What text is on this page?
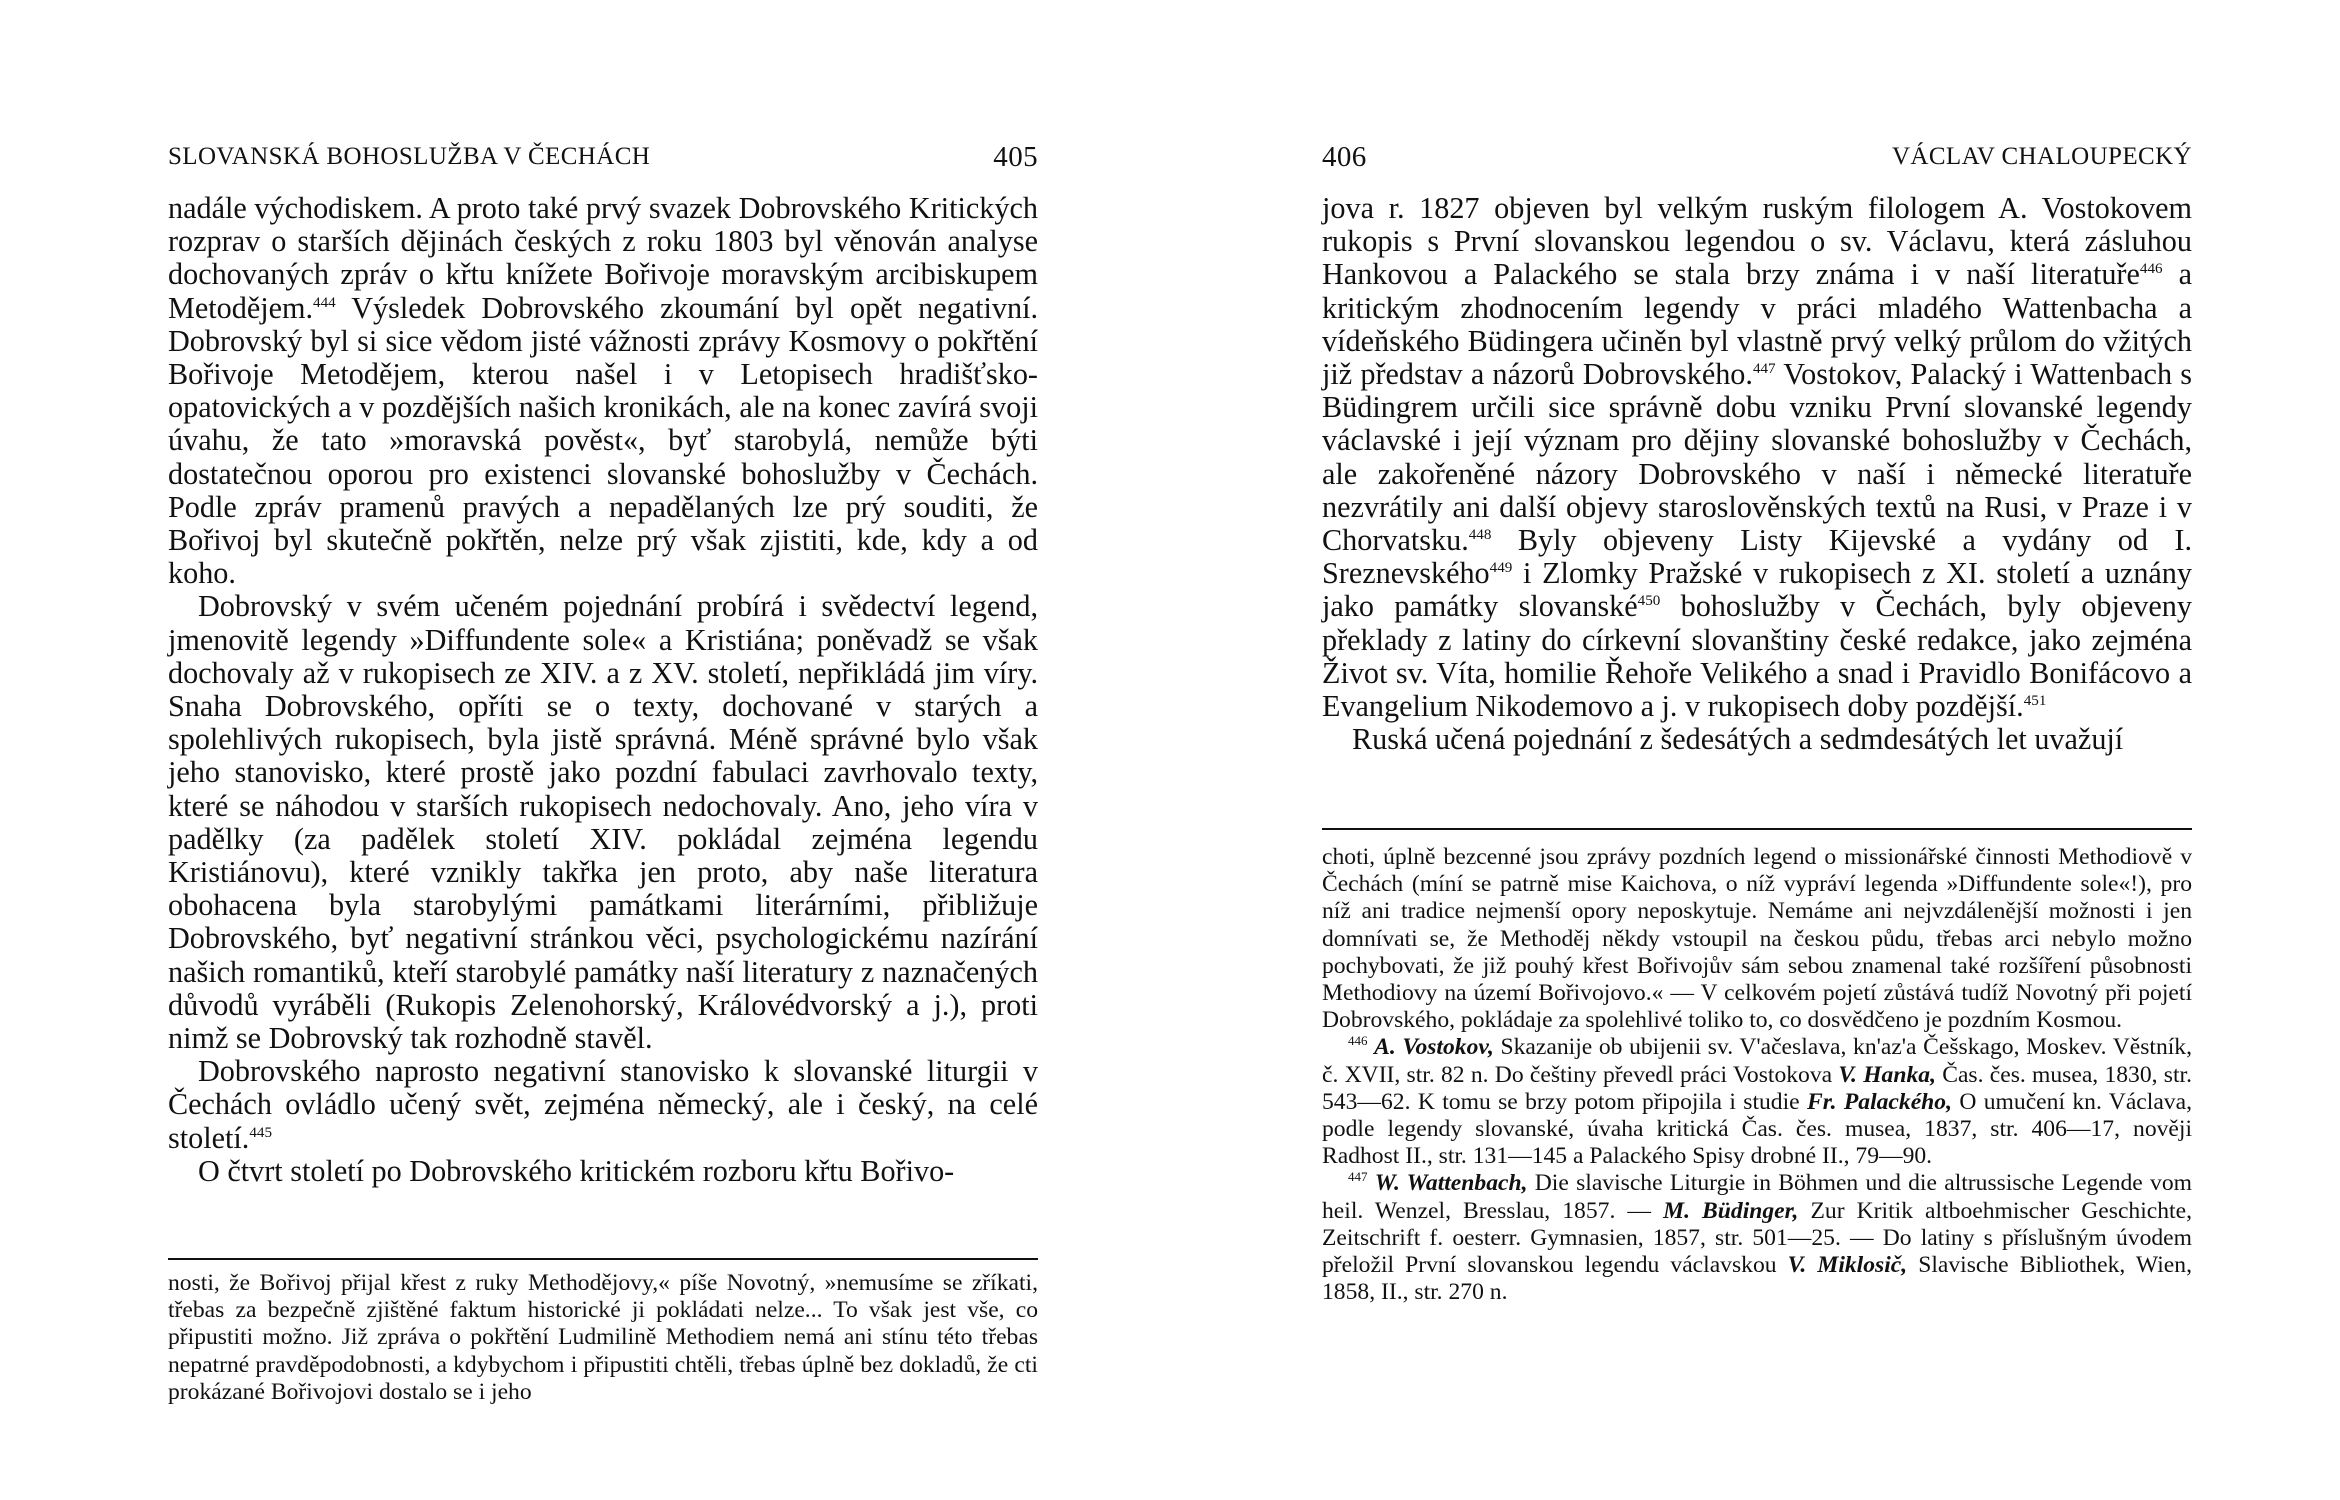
SLOVANSKÁ BOHOSLUŽBA V ČECHÁCH	405

nadále východiskem. A proto také prvý svazek Dobrovského Kritických rozprav o starších dějinách českých z roku 1803 byl věnován analyse dochovaných zpráv o křtu knížete Bořivoje moravským arcibiskupem Metodějem.$^{444}$ Výsledek Dobrovského zkoumání byl opět negativní. Dobrovský byl si sice vědom jisté vážnosti zprávy Kosmovy o pokřtění Bořivoje Metodějem, kterou našel i v Letopisech hradišťsko-opatovických a v pozdějších našich kronikách, ale na konec zavírá svoji úvahu, že tato »moravská pověst«, byť starobylá, nemůže býti dostatečnou oporou pro existenci slovanské bohoslužby v Čechách. Podle zpráv pramenů pravých a nepadělaných lze prý souditi, že Bořivoj byl skutečně pokřtěn, nelze prý však zjistiti, kde, kdy a od koho.

Dobrovský v svém učeném pojednání probírá i svědectví legend, jmenovitě legendy »Diffundente sole« a Kristiána; poněvadž se však dochovaly až v rukopisech ze XIV. a z XV. století, nepřikládá jim víry. Snaha Dobrovského, opříti se o texty, dochované v starých a spolehlivých rukopisech, byla jistě správná. Méně správné bylo však jeho stanovisko, které prostě jako pozdní fabulaci zavrhovalo texty, které se náhodou v starších rukopisech nedochovaly. Ano, jeho víra v padělky (za padělek století XIV. pokládal zejména legendu Kristiánovu), které vznikly takřka jen proto, aby naše literatura obohacena byla starobylými památkami literárními, přibližuje Dobrovského, byť negativní stránkou věci, psychologickému nazírání našich romantiků, kteří starobylé památky naší literatury z naznačených důvodů vyráběli (Rukopis Zelenohorský, Královédvorský a j.), proti nimž se Dobrovský tak rozhodně stavěl.

Dobrovského naprosto negativní stanovisko k slovanské liturgii v Čechách ovládlo učený svět, zejména německý, ale i český, na celé století.$^{445}$

O čtvrt století po Dobrovského kritickém rozboru křtu Bořivo-

nosti, že Bořivoj přijal křest z ruky Methodějovy,« píše Novotný, »nemusíme se zříkati, třebas za bezpečně zjištěné faktum historické ji pokládati nelze... To však jest vše, co připustiti možno. Již zpráva o pokřtění Ludmilině Methodiem nemá ani stínu této třebas nepatrné pravděpodobnosti, a kdybychom i připustiti chtěli, třebas úplně bez dokladů, že cti prokázané Bořivojovi dostalo se i jeho

406	VÁCLAV CHALOUPECKÝ

jova r. 1827 objeven byl velkým ruským filologem A. Vostokovem rukopis s První slovanskou legendou o sv. Václavu, která zásluhou Hankovou a Palackého se stala brzy známa i v naší literatuře$^{446}$ a kritickým zhodnocením legendy v práci mladého Wattenbacha a vídeňského Büdingera učiněn byl vlastně prvý velký průlom do vžitých již představ a názorů Dobrovského.$^{447}$ Vostokov, Palacký i Wattenbach s Büdingrem určili sice správně dobu vzniku První slovanské legendy václavské i její význam pro dějiny slovanské bohoslužby v Čechách, ale zakořeněné názory Dobrovského v naší i německé literatuře nezvrátily ani další objevy staroslověnských textů na Rusi, v Praze i v Chorvatsku.$^{448}$ Byly objeveny Listy Kijevské a vydány od I. Sreznevského$^{449}$ i Zlomky Pražské v rukopisech z XI. století a uznány jako památky slovanské$^{450}$ bohoslužby v Čechách, byly objeveny překlady z latiny do církevní slovanštiny české redakce, jako zejména Život sv. Víta, homilie Řehoře Velikého a snad i Pravidlo Bonifácovo a Evangelium Nikodemovo a j. v rukopisech doby pozdější.$^{451}$

Ruská učená pojednání z šedesátých a sedmdesátých let uvažují

choti, úplně bezcenné jsou zprávy pozdních legend o missionářské činnosti Methodiově v Čechách (míní se patrně mise Kaichova, o níž vypráví legenda »Diffundente sole«!), pro níž ani tradice nejmenší opory neposkytuje. Nemáme ani nejvzdálenější možnosti i jen domnívati se, že Methoděj někdy vstoupil na českou půdu, třebas arci nebylo možno pochybovati, že již pouhý křest Bořivojův sám sebou znamenal také rozšíření působnosti Methodiovy na území Bořivojovo.« — V celkovém pojetí zůstává tudíž Novotný při pojetí Dobrovského, pokládaje za spolehlivé toliko to, co dosvědčeno je pozdním Kosmou.

$^{446}$ A. Vostokov, Skazanije ob ubijenii sv. V'ačeslava, kn'az'a Češskago, Moskev. Věstník, č. XVII, str. 82 n. Do češtiny převedl práci Vostokova V. Hanka, Čas. čes. musea, 1830, str. 543—62. K tomu se brzy potom připojila i studie Fr. Palackého, O umučení kn. Václava, podle legendy slovanské, úvaha kritická Čas. čes. musea, 1837, str. 406—17, nověji Radhost II., str. 131—145 a Palackého Spisy drobné II., 79—90.

$^{447}$ W. Wattenbach, Die slavische Liturgie in Böhmen und die altrussische Legende vom heil. Wenzel, Bresslau, 1857. — M. Büdinger, Zur Kritik altboehmischer Geschichte, Zeitschrift f. oesterr. Gymnasien, 1857, str. 501—25. — Do latiny s příslušným úvodem přeložil První slovanskou legendu václavskou V. Miklosič, Slavische Bibliothek, Wien, 1858, II., str. 270 n.
